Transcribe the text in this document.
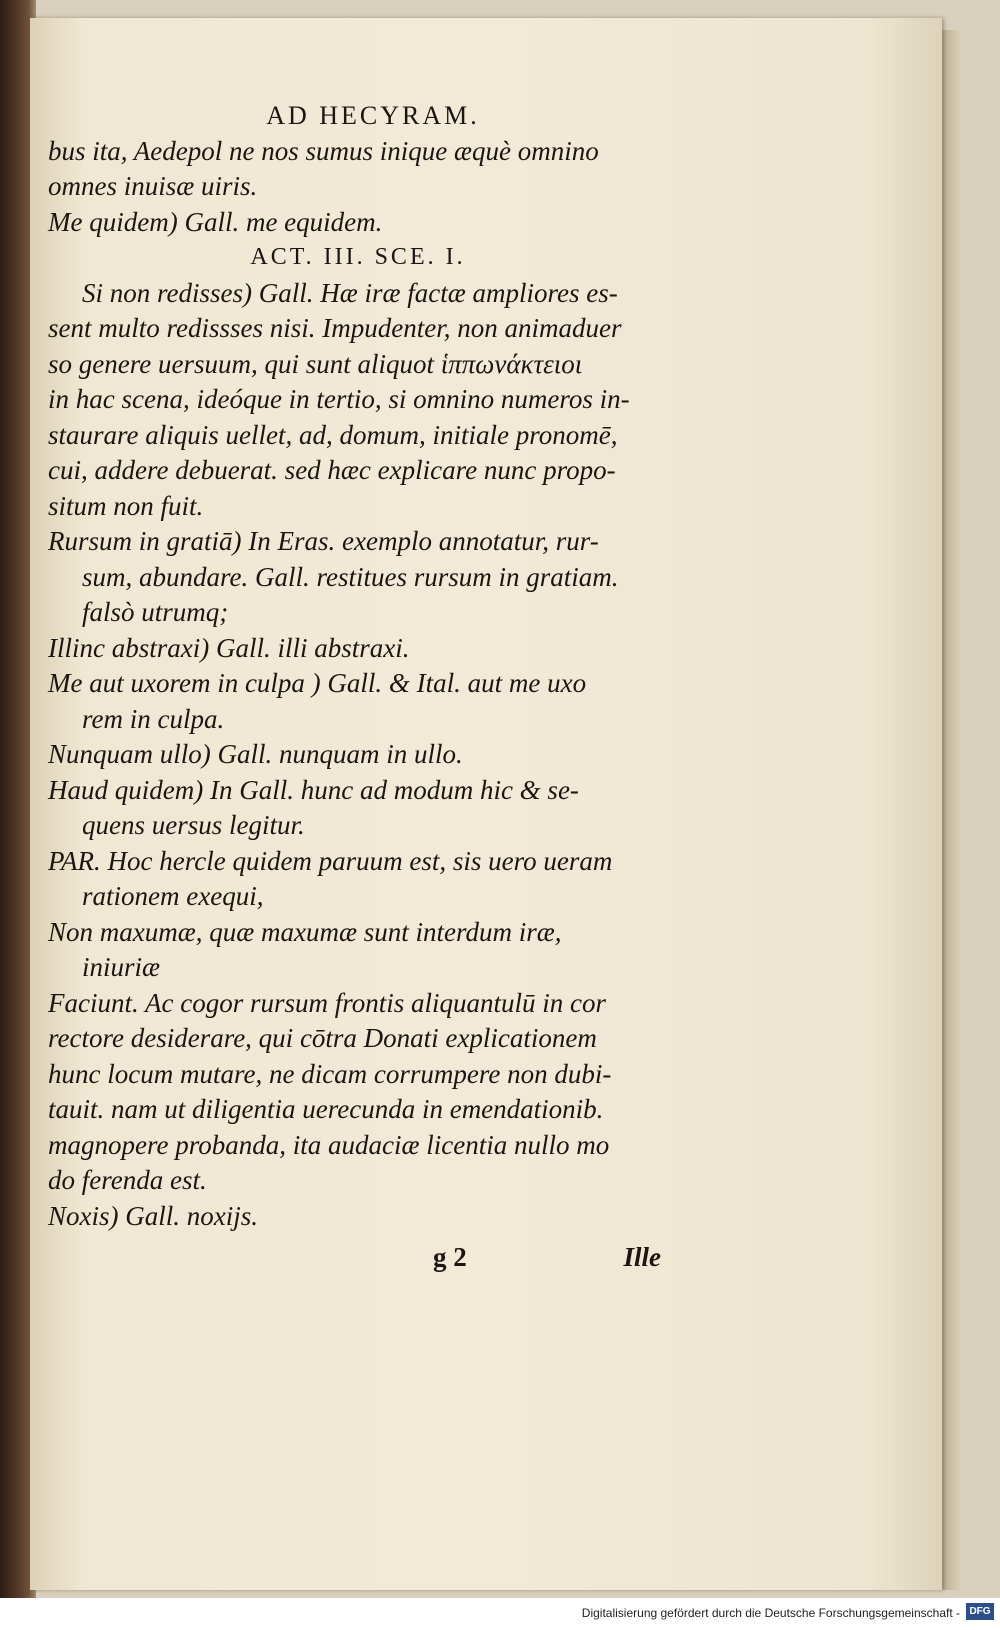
AD HECYRAM.
bus ita, Aedepol ne nos sumus inique æquè omnino
omnes inuisæ uiris.
Me quidem) Gall. me equidem.
ACT. III. SCE. I.
Si non redisses) Gall. Hæ iræ factæ ampliores es-
sent multo redissses nisi. Impudenter, non animaduer
so genere uersuum, qui sunt aliquot ἱππωνάκτειοι
in hac scena, ideóque in tertio, si omnino numeros in-
staurare aliquis uellet, ad, domum, initiale pronomē,
cui, addere debuerat. sed hæc explicare nunc propo-
situm non fuit.
Rursum in gratiā) In Eras. exemplo annotatur, rur-
sum, abundare. Gall. restitues rursum in gratiam.
falsò utrumq;
Illinc abstraxi) Gall. illi abstraxi.
Me aut uxorem in culpa ) Gall. & Ital. aut me uxo
rem in culpa.
Nunquam ullo) Gall. nunquam in ullo.
Haud quidem) In Gall. hunc ad modum hic & se-
quens uersus legitur.
PAR. Hoc hercle quidem paruum est, sis uero ueram
rationem exequi,
Non maxumæ, quæ maxumæ sunt interdum iræ,
iniuriæ
Faciunt. Ac cogor rursum frontis aliquantulū in cor
rectore desiderare, qui cōtra Donati explicationem
hunc locum mutare, ne dicam corrumpere non dubi-
tauit. nam ut diligentia uerecunda in emendationib.
magnopere probanda, ita audaciæ licentia nullo mo
do ferenda est.
Noxis) Gall. noxijs.
g 2	Ille
Digitalisierung gefördert durch die Deutsche Forschungsgemeinschaft - DFG
